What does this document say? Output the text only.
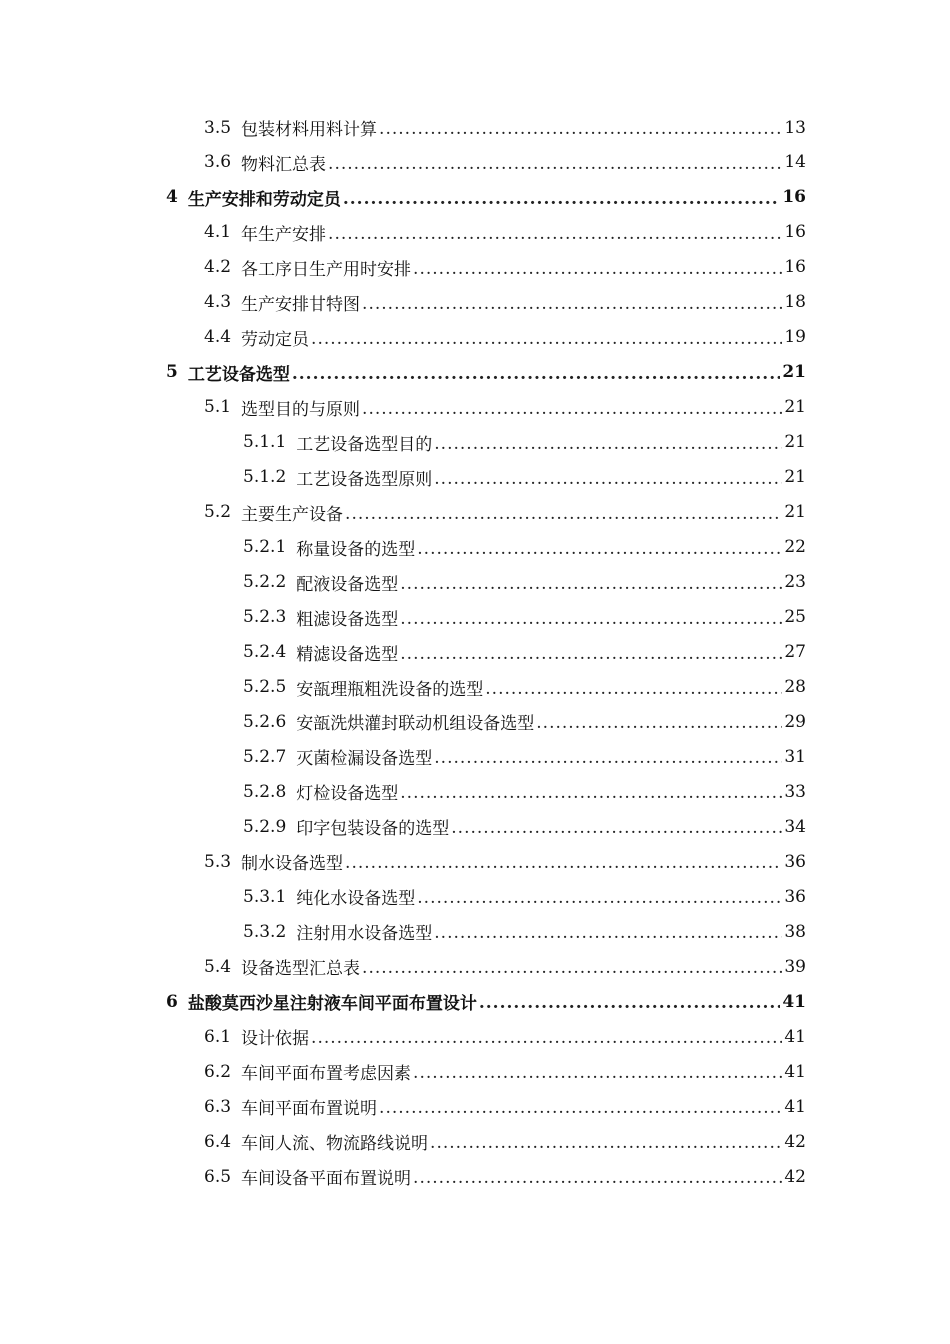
3.5 包装材料用料计算 .....	13
3.6 物料汇总表 .....	14
4 生产安排和劳动定员 .....	16
4.1 年生产安排 .....	16
4.2 各工序日生产用时安排 .....	16
4.3 生产安排甘特图 .....	18
4.4 劳动定员 .....	19
5 工艺设备选型 .....	21
5.1 选型目的与原则 .....	21
5.1.1 工艺设备选型目的 .....	21
5.1.2 工艺设备选型原则 .....	21
5.2 主要生产设备 .....	21
5.2.1 称量设备的选型 .....	22
5.2.2 配液设备选型 .....	23
5.2.3 粗滤设备选型 .....	25
5.2.4 精滤设备选型 .....	27
5.2.5 安瓿理瓶粗洗设备的选型 .....	28
5.2.6 安瓿洗烘灌封联动机组设备选型 .....	29
5.2.7 灭菌检漏设备选型 .....	31
5.2.8 灯检设备选型 .....	33
5.2.9 印字包装设备的选型 .....	34
5.3 制水设备选型 .....	36
5.3.1 纯化水设备选型 .....	36
5.3.2 注射用水设备选型 .....	38
5.4 设备选型汇总表 .....	39
6 盐酸莫西沙星注射液车间平面布置设计 .....	41
6.1 设计依据 .....	41
6.2 车间平面布置考虑因素 .....	41
6.3 车间平面布置说明 .....	41
6.4 车间人流、物流路线说明 .....	42
6.5 车间设备平面布置说明 .....	42
